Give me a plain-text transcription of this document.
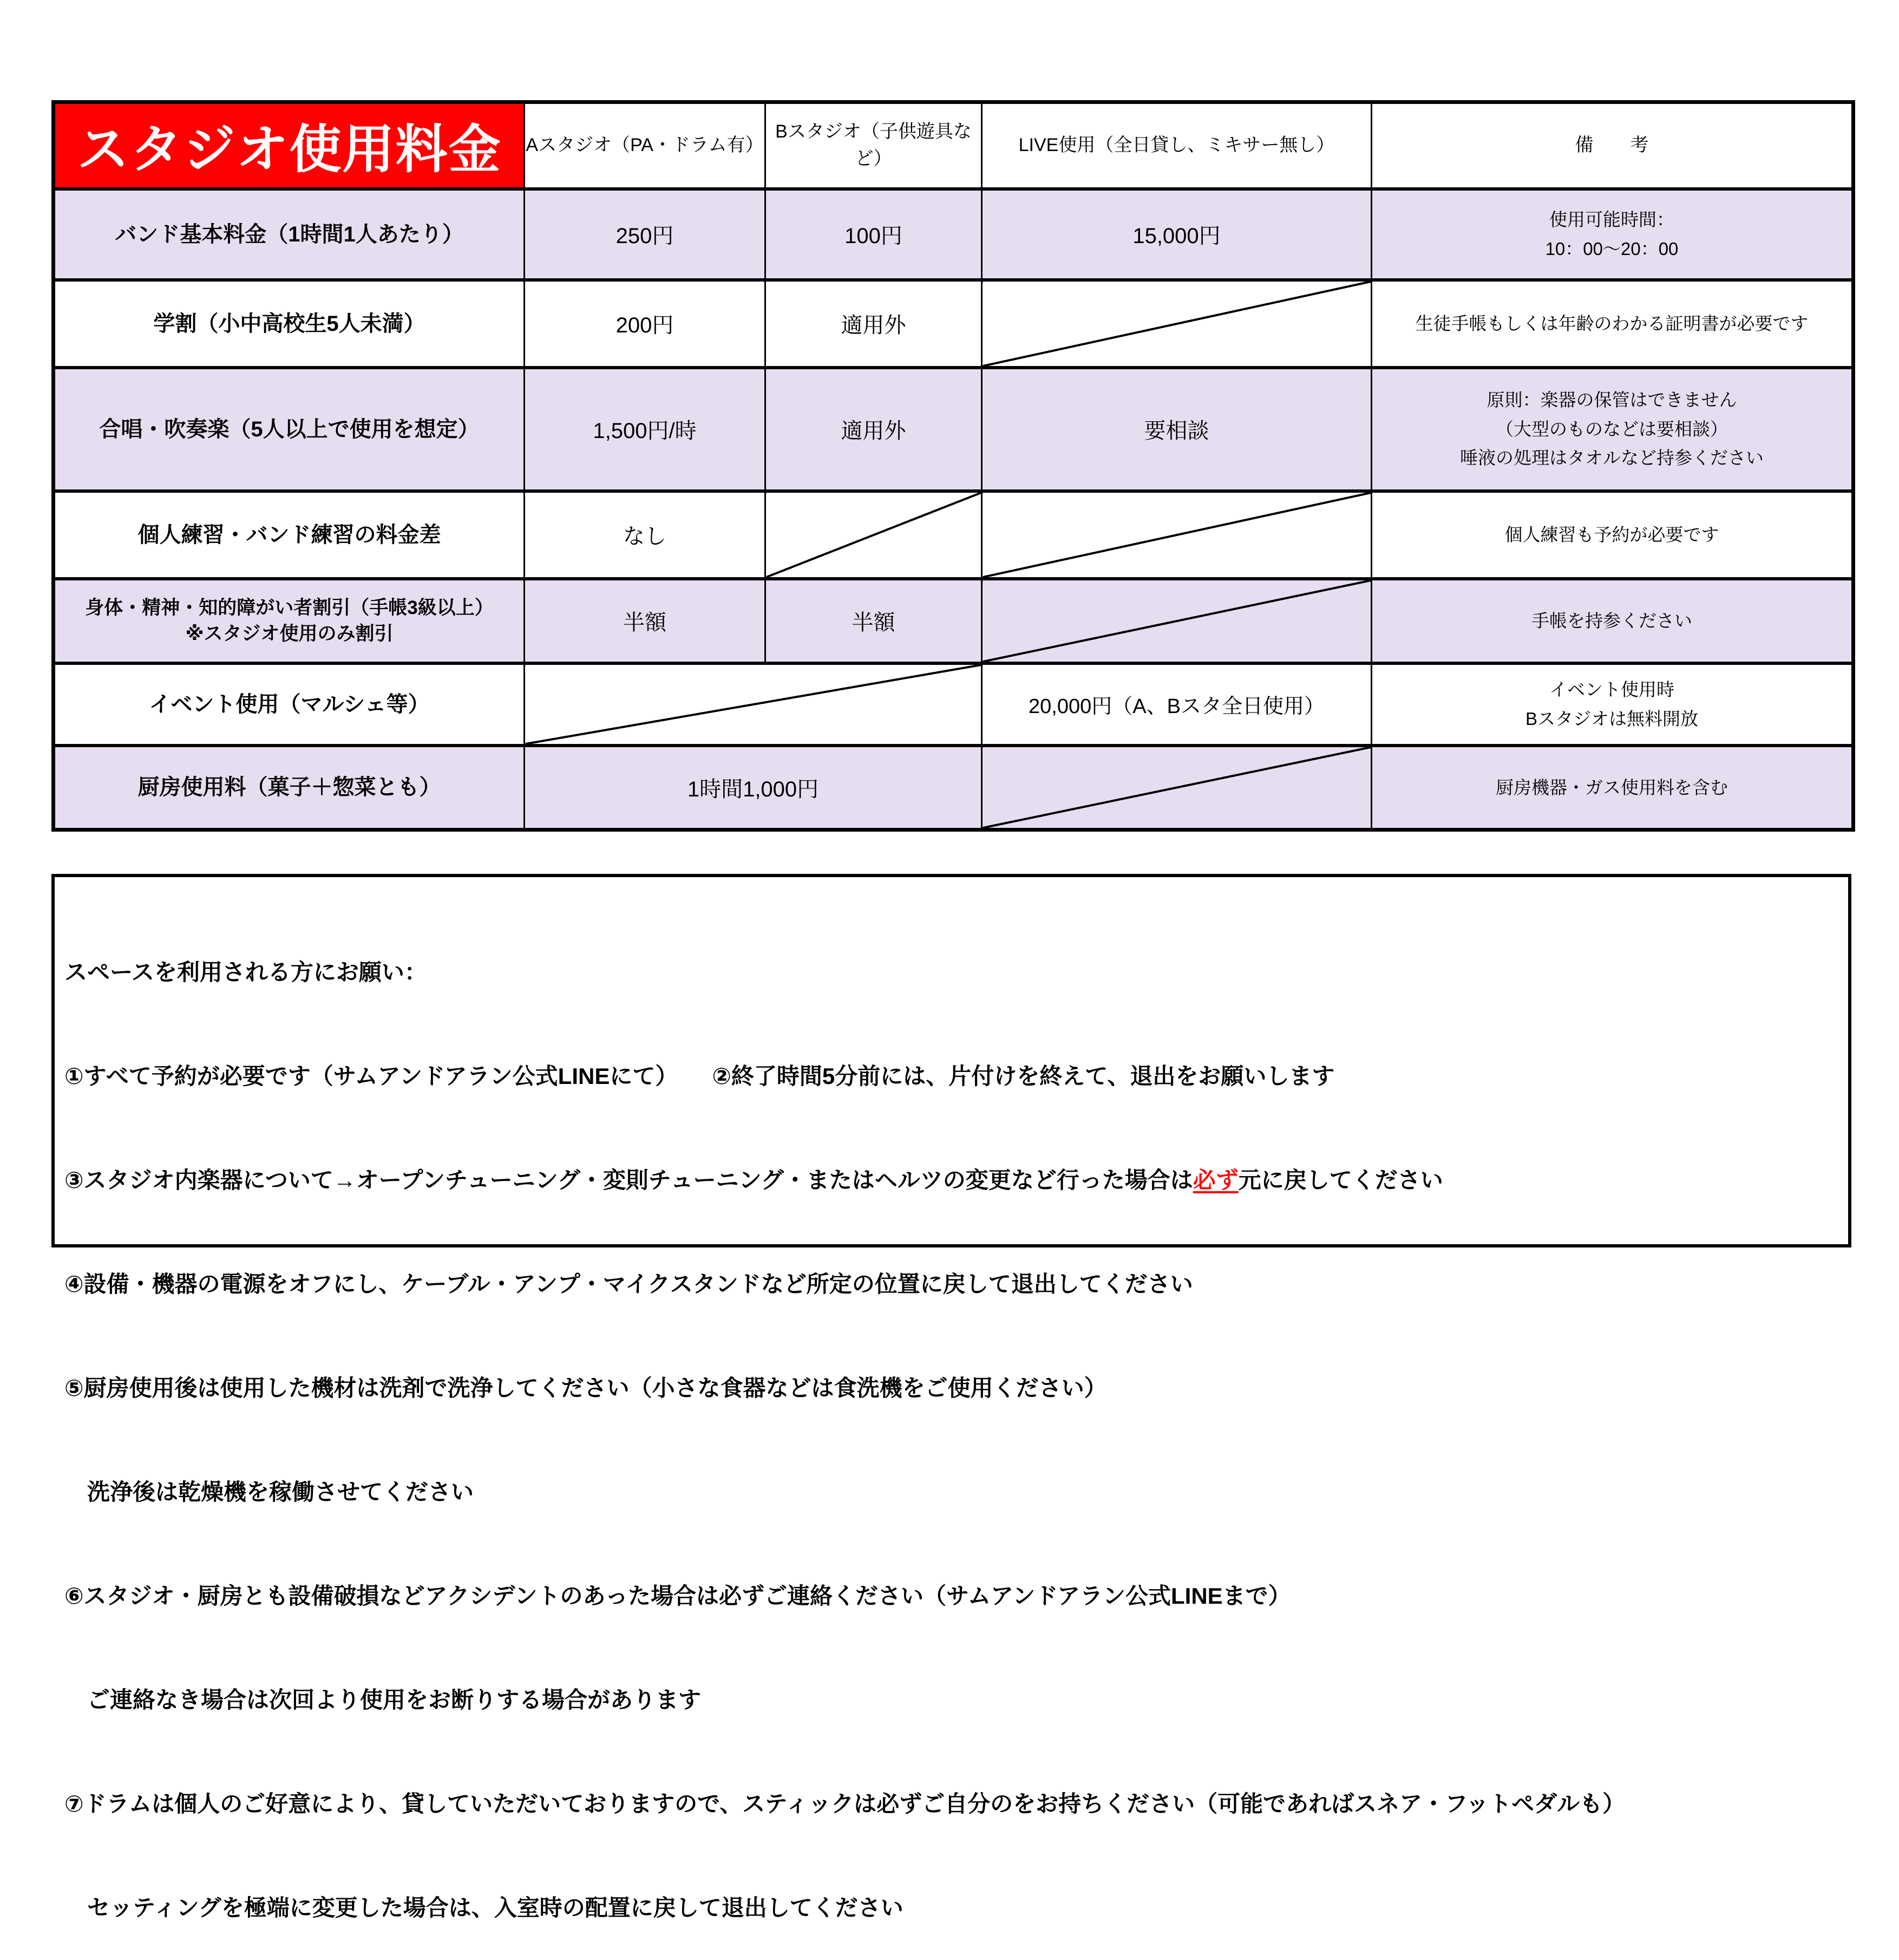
スタジオ使用料金	Aスタジオ（PA・ドラム有）	Bスタジオ（子供遊具など）	LIVE使用（全日貸し、ミキサー無し）	備　　考
バンド基本料金（1時間1人あたり）	250円	100円	15,000円	使用可能時間：
10：00〜20：00

学割（小中高校生5人未満）	200円	適用外		生徒手帳もしくは年齢のわかる証明書が必要です
合唱・吹奏楽（5人以上で使用を想定）	1,500円/時	適用外	要相談	原則：楽器の保管はできません
（大型のものなどは要相談）
唾液の処理はタオルなど持参ください

個人練習・バンド練習の料金差	なし			個人練習も予約が必要です

身体・精神・知的障がい者割引（手帳3級以上）
※スタジオ使用のみ割引	半額	半額		手帳を持参ください
イベント使用（マルシェ等）			20,000円（A、Bスタ全日使用）	イベント使用時
Bスタジオは無料開放

厨房使用料（菓子＋惣菜とも）	1時間1,000円			厨房機器・ガス使用料を含む

スペースを利用される方にお願い：

①すべて予約が必要です（サムアンドアラン公式LINEにて）　　②終了時間5分前には、片付けを終えて、退出をお願いします

③スタジオ内楽器について→オープンチューニング・変則チューニング・またはヘルツの変更など行った場合は必ず元に戻してください

④設備・機器の電源をオフにし、ケーブル・アンプ・マイクスタンドなど所定の位置に戻して退出してください

⑤厨房使用後は使用した機材は洗剤で洗浄してください（小さな食器などは食洗機をご使用ください）

　洗浄後は乾燥機を稼働させてください

⑥スタジオ・厨房とも設備破損などアクシデントのあった場合は必ずご連絡ください（サムアンドアラン公式LINEまで）

　ご連絡なき場合は次回より使用をお断りする場合があります

⑦ドラムは個人のご好意により、貸していただいておりますので、スティックは必ずご自分のをお持ちください（可能であればスネア・フットペダルも）

　セッティングを極端に変更した場合は、入室時の配置に戻して退出してください
